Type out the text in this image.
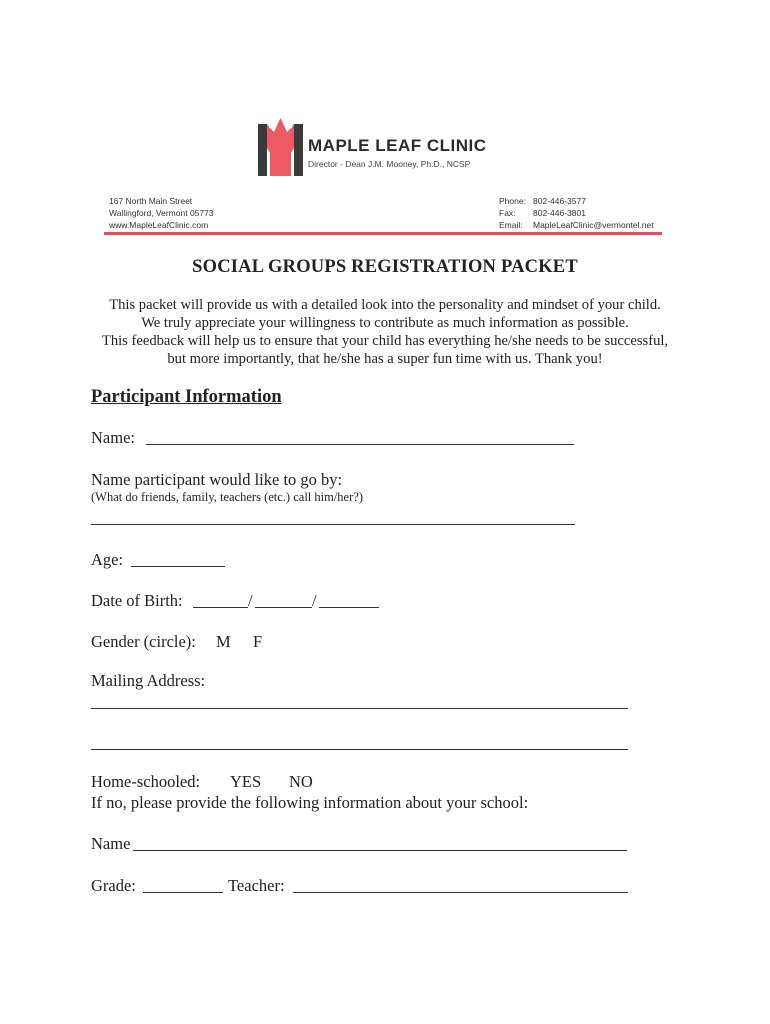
MAPLE LEAF CLINIC
Director - Dean J.M. Mooney, Ph.D., NCSP
167 North Main Street
Wallingford, Vermont 05773
www.MapleLeafClinic.com
Phone: 802-446-3577
Fax: 802-446-3801
Email: MapleLeafClinic@vermontel.net
SOCIAL GROUPS REGISTRATION PACKET
This packet will provide us with a detailed look into the personality and mindset of your child.
We truly appreciate your willingness to contribute as much information as possible.
This feedback will help us to ensure that your child has everything he/she needs to be successful,
but more importantly, that he/she has a super fun time with us. Thank you!
Participant Information
Name:
Name participant would like to go by:
(What do friends, family, teachers (etc.) call him/her?)
Age:
Date of Birth:	/	/
Gender (circle): M F
Mailing Address:
Home-schooled: YES NO
If no, please provide the following information about your school:
Name
Grade:	Teacher:
